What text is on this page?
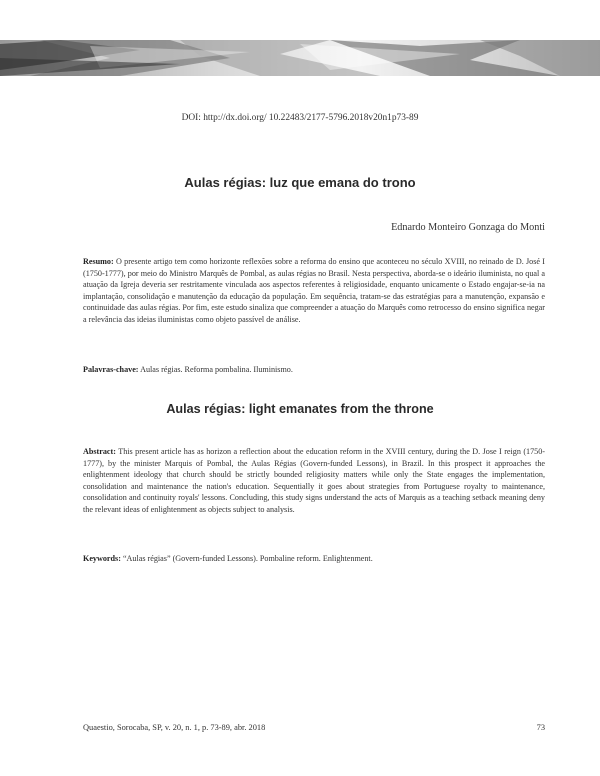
DOI: http://dx.doi.org/ 10.22483/2177-5796.2018v20n1p73-89
Aulas régias: luz que emana do trono
Ednardo Monteiro Gonzaga do Monti
Resumo: O presente artigo tem como horizonte reflexões sobre a reforma do ensino que aconteceu no século XVIII, no reinado de D. José I (1750-1777), por meio do Ministro Marquês de Pombal, as aulas régias no Brasil. Nesta perspectiva, aborda-se o ideário iluminista, no qual a atuação da Igreja deveria ser restritamente vinculada aos aspectos referentes à religiosidade, enquanto unicamente o Estado engajar-se-ia na implantação, consolidação e manutenção da educação da população. Em sequência, tratam-se das estratégias para a manutenção, expansão e continuidade das aulas régias. Por fim, este estudo sinaliza que compreender a atuação do Marquês como retrocesso do ensino significa negar a relevância das ideias iluministas como objeto passível de análise.
Palavras-chave: Aulas régias. Reforma pombalina. Iluminismo.
Aulas régias: light emanates from the throne
Abstract: This present article has as horizon a reflection about the education reform in the XVIII century, during the D. Jose I reign (1750-1777), by the minister Marquis of Pombal, the Aulas Régias (Govern-funded Lessons), in Brazil. In this prospect it approaches the enlightenment ideology that church should be strictly bounded religiosity matters while only the State engages the implementation, consolidation and maintenance the nation's education. Sequentially it goes about strategies from Portuguese royalty to maintenance, consolidation and continuity royals' lessons. Concluding, this study signs understand the acts of Marquis as a teaching setback meaning deny the relevant ideas of enlightenment as objects subject to analysis.
Keywords: “Aulas régias” (Govern-funded Lessons). Pombaline reform. Enlightenment.
Quaestio, Sorocaba, SP, v. 20, n. 1, p. 73-89, abr. 2018	73
